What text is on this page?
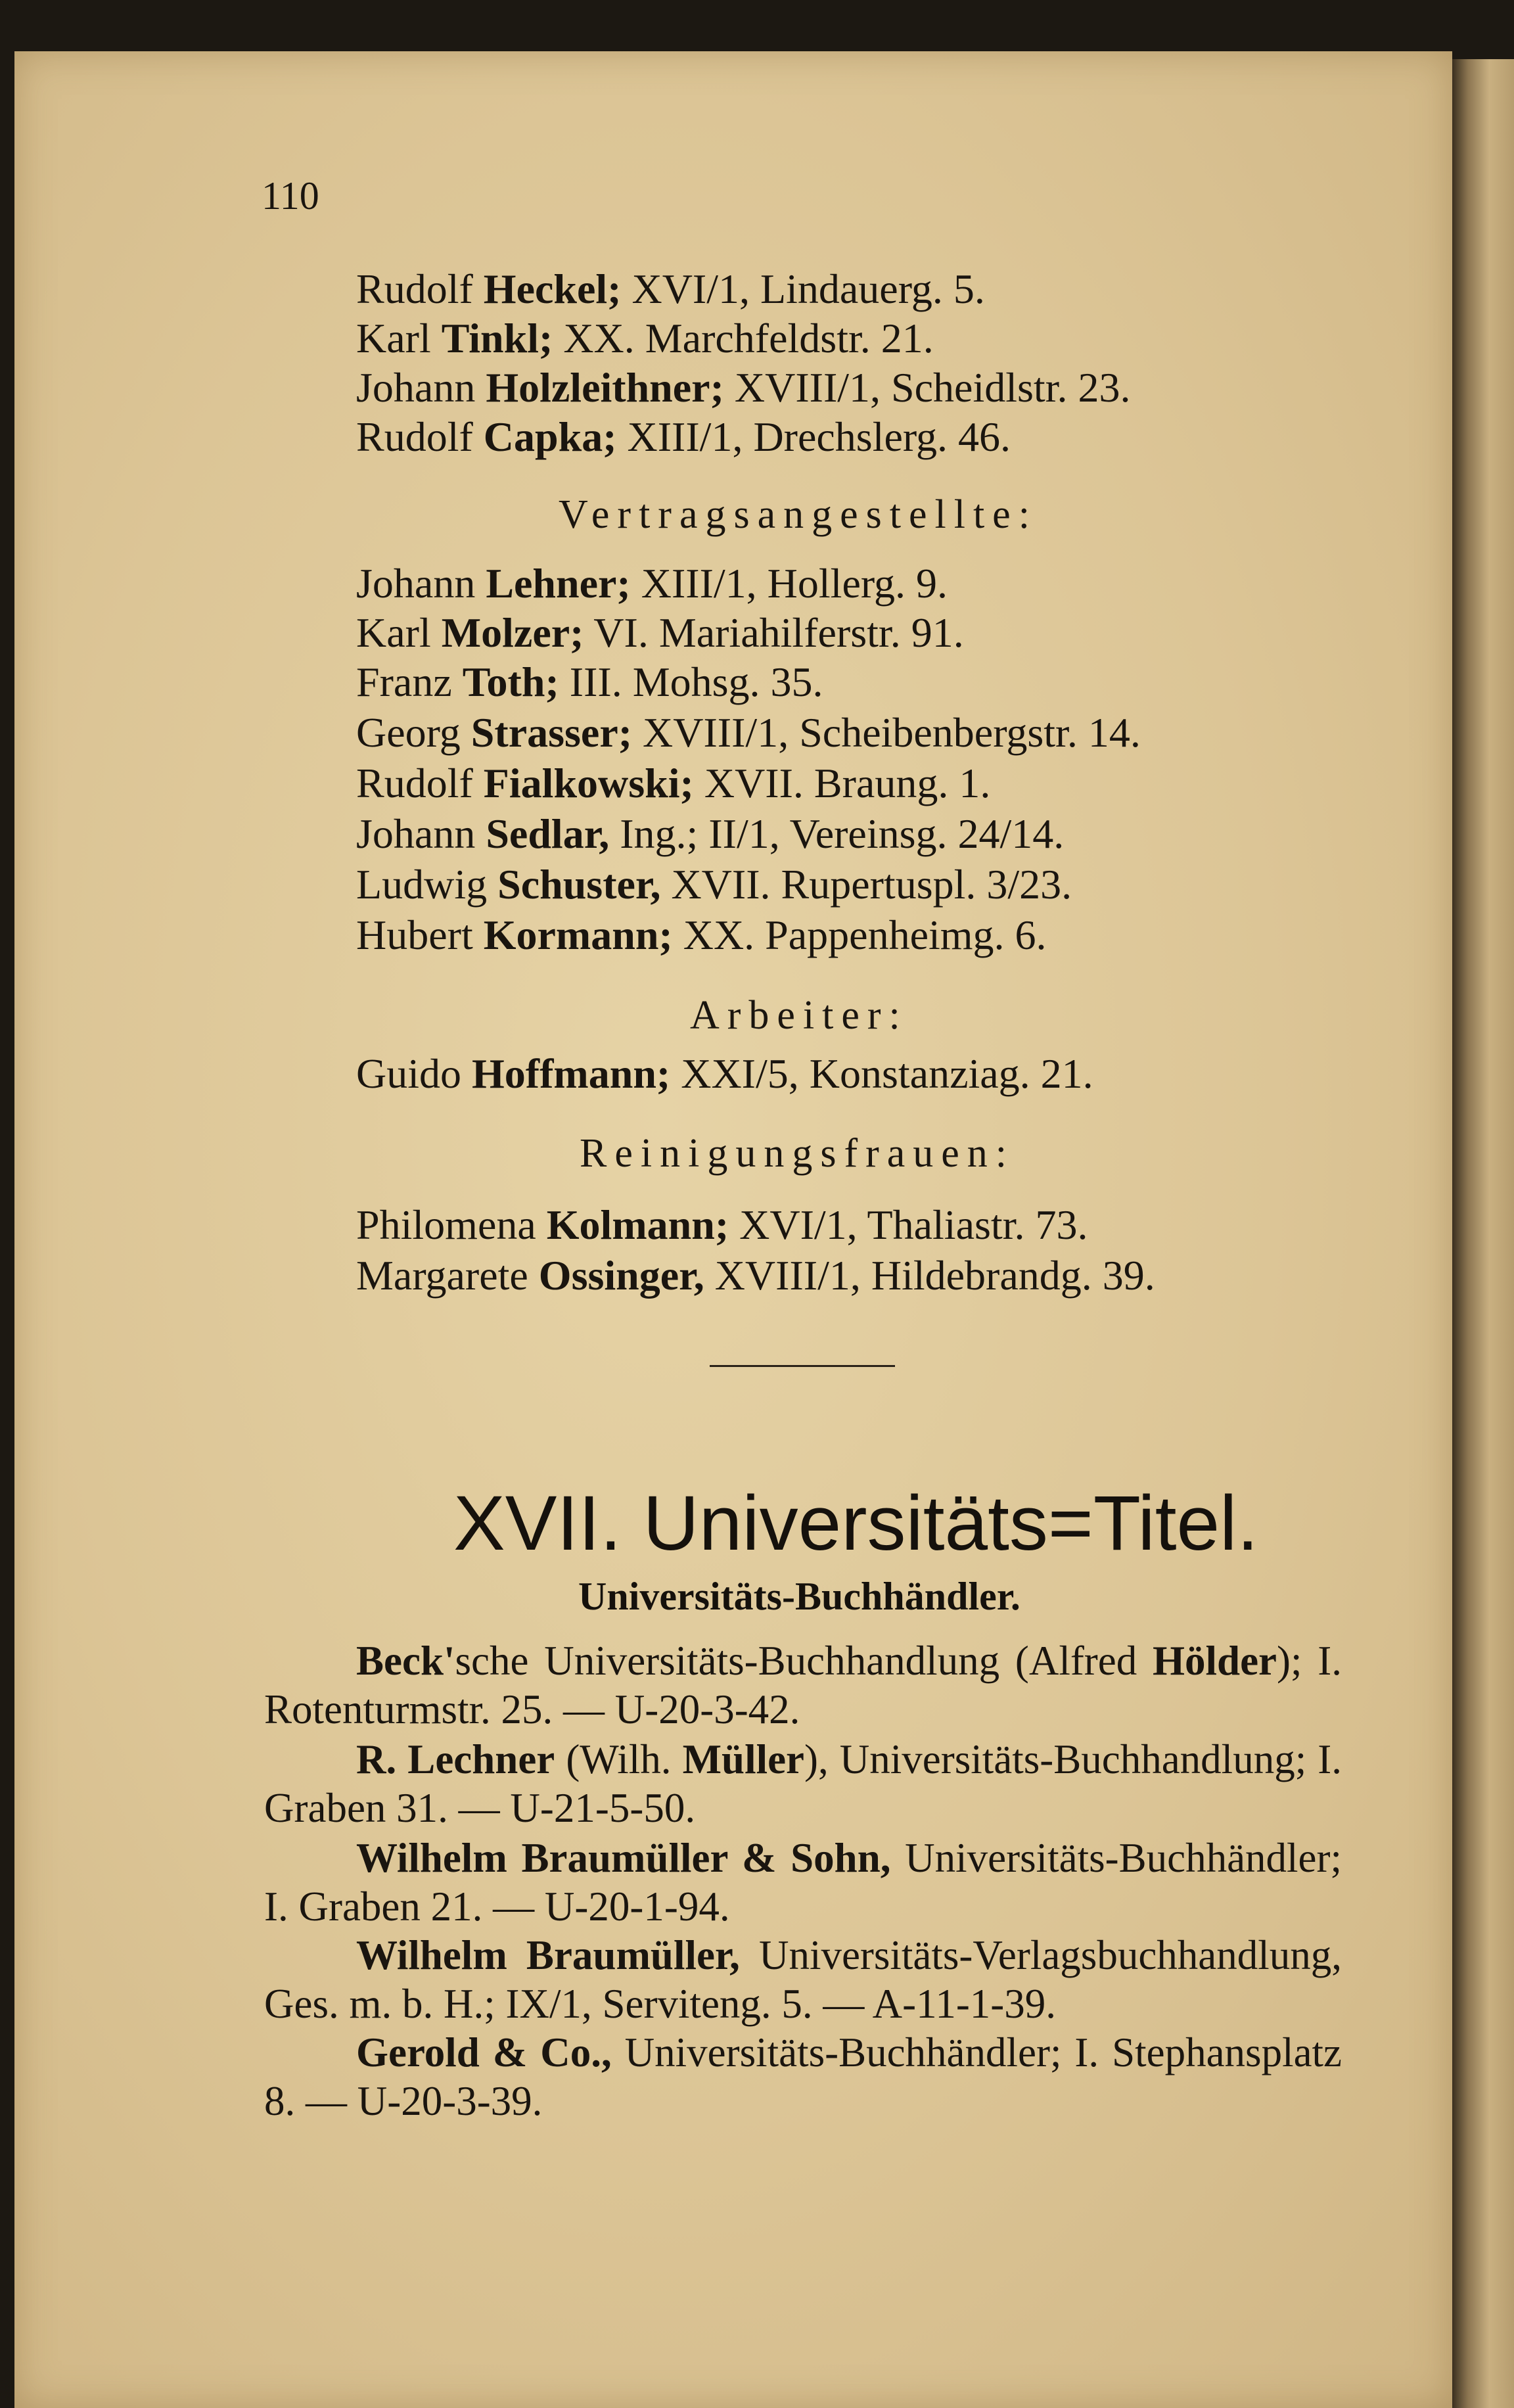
110
Rudolf Heckel; XVI/1, Lindauerg. 5.
Karl Tinkl; XX. Marchfeldstr. 21.
Johann Holzleithner; XVIII/1, Scheidlstr. 23.
Rudolf Capka; XIII/1, Drechslerg. 46.
Vertragsangestellte:
Johann Lehner; XIII/1, Hollerg. 9.
Karl Molzer; VI. Mariahilferstr. 91.
Franz Toth; III. Mohsg. 35.
Georg Strasser; XVIII/1, Scheibenbergstr. 14.
Rudolf Fialkowski; XVII. Braung. 1.
Johann Sedlar, Ing.; II/1, Vereinsg. 24/14.
Ludwig Schuster, XVII. Rupertuspl. 3/23.
Hubert Kormann; XX. Pappenheimg. 6.
Arbeiter:
Guido Hoffmann; XXI/5, Konstanziag. 21.
Reinigungsfrauen:
Philomena Kolmann; XVI/1, Thaliastr. 73.
Margarete Ossinger, XVIII/1, Hildebrandg. 39.
XVII. Universitäts=Titel.
Universitäts-Buchhändler.
Beck'sche Universitäts-Buchhandlung (Alfred Hölder); I. Rotenturmstr. 25. — U-20-3-42.
R. Lechner (Wilh. Müller), Universitäts-Buchhandlung; I. Graben 31. — U-21-5-50.
Wilhelm Braumüller & Sohn, Universitäts-Buchhändler; I. Graben 21. — U-20-1-94.
Wilhelm Braumüller, Universitäts-Verlagsbuchhandlung, Ges. m. b. H.; IX/1, Serviteng. 5. — A-11-1-39.
Gerold & Co., Universitäts-Buchhändler; I. Stephansplatz 8. — U-20-3-39.
